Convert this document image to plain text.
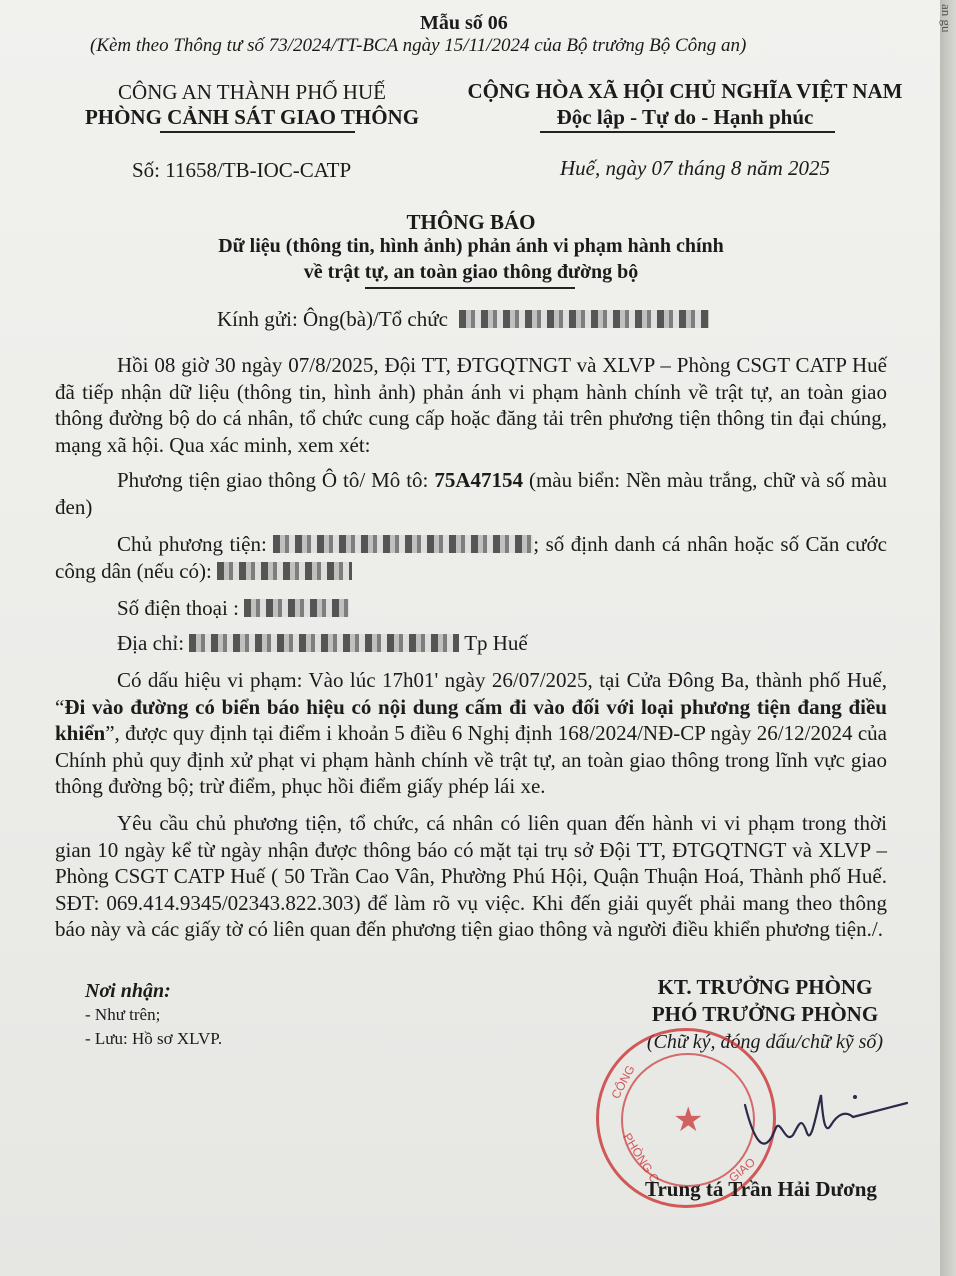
Mẫu số 06
(Kèm theo Thông tư số 73/2024/TT-BCA ngày 15/11/2024 của Bộ trưởng Bộ Công an)
CÔNG AN THÀNH PHỐ HUẾ
PHÒNG CẢNH SÁT GIAO THÔNG
CỘNG HÒA XÃ HỘI CHỦ NGHĨA VIỆT NAM
Độc lập - Tự do - Hạnh phúc
Số: 11658/TB-IOC-CATP	Huế, ngày 07 tháng 8 năm 2025
THÔNG BÁO
Dữ liệu (thông tin, hình ảnh) phản ánh vi phạm hành chính
về trật tự, an toàn giao thông đường bộ
Kính gửi: Ông(bà)/Tổ chức
Hồi 08 giờ 30 ngày 07/8/2025, Đội TT, ĐTGQTNGT và XLVP – Phòng CSGT CATP Huế đã tiếp nhận dữ liệu (thông tin, hình ảnh) phản ánh vi phạm hành chính về trật tự, an toàn giao thông đường bộ do cá nhân, tổ chức cung cấp hoặc đăng tải trên phương tiện thông tin đại chúng, mạng xã hội. Qua xác minh, xem xét:
Phương tiện giao thông Ô tô/ Mô tô: 75A47154 (màu biển: Nền màu trắng, chữ và số màu đen)
Chủ phương tiện:	; số định danh cá nhân hoặc số Căn cước công dân (nếu có):
Số điện thoại :
Địa chỉ:	Tp Huế
Có dấu hiệu vi phạm: Vào lúc 17h01' ngày 26/07/2025, tại Cửa Đông Ba, thành phố Huế, “Đi vào đường có biển báo hiệu có nội dung cấm đi vào đối với loại phương tiện đang điều khiển”, được quy định tại điểm i khoản 5 điều 6 Nghị định 168/2024/NĐ-CP ngày 26/12/2024 của Chính phủ quy định xử phạt vi phạm hành chính về trật tự, an toàn giao thông trong lĩnh vực giao thông đường bộ; trừ điểm, phục hồi điểm giấy phép lái xe.
Yêu cầu chủ phương tiện, tổ chức, cá nhân có liên quan đến hành vi vi phạm trong thời gian 10 ngày kể từ ngày nhận được thông báo có mặt tại trụ sở Đội TT, ĐTGQTNGT và XLVP – Phòng CSGT CATP Huế ( 50 Trần Cao Vân, Phường Phú Hội, Quận Thuận Hoá, Thành phố Huế. SĐT: 069.414.9345/02343.822.303) để làm rõ vụ việc. Khi đến giải quyết phải mang theo thông báo này và các giấy tờ có liên quan đến phương tiện giao thông và người điều khiển phương tiện./.
Nơi nhận:
- Như trên;
- Lưu: Hồ sơ XLVP.
KT. TRƯỞNG PHÒNG
PHÓ TRƯỞNG PHÒNG
(Chữ ký, đóng dấu/chữ kỹ số)
★
CÔNG
PHÒNG C	GIAO
Trung tá Trần Hải Dương
an gu
